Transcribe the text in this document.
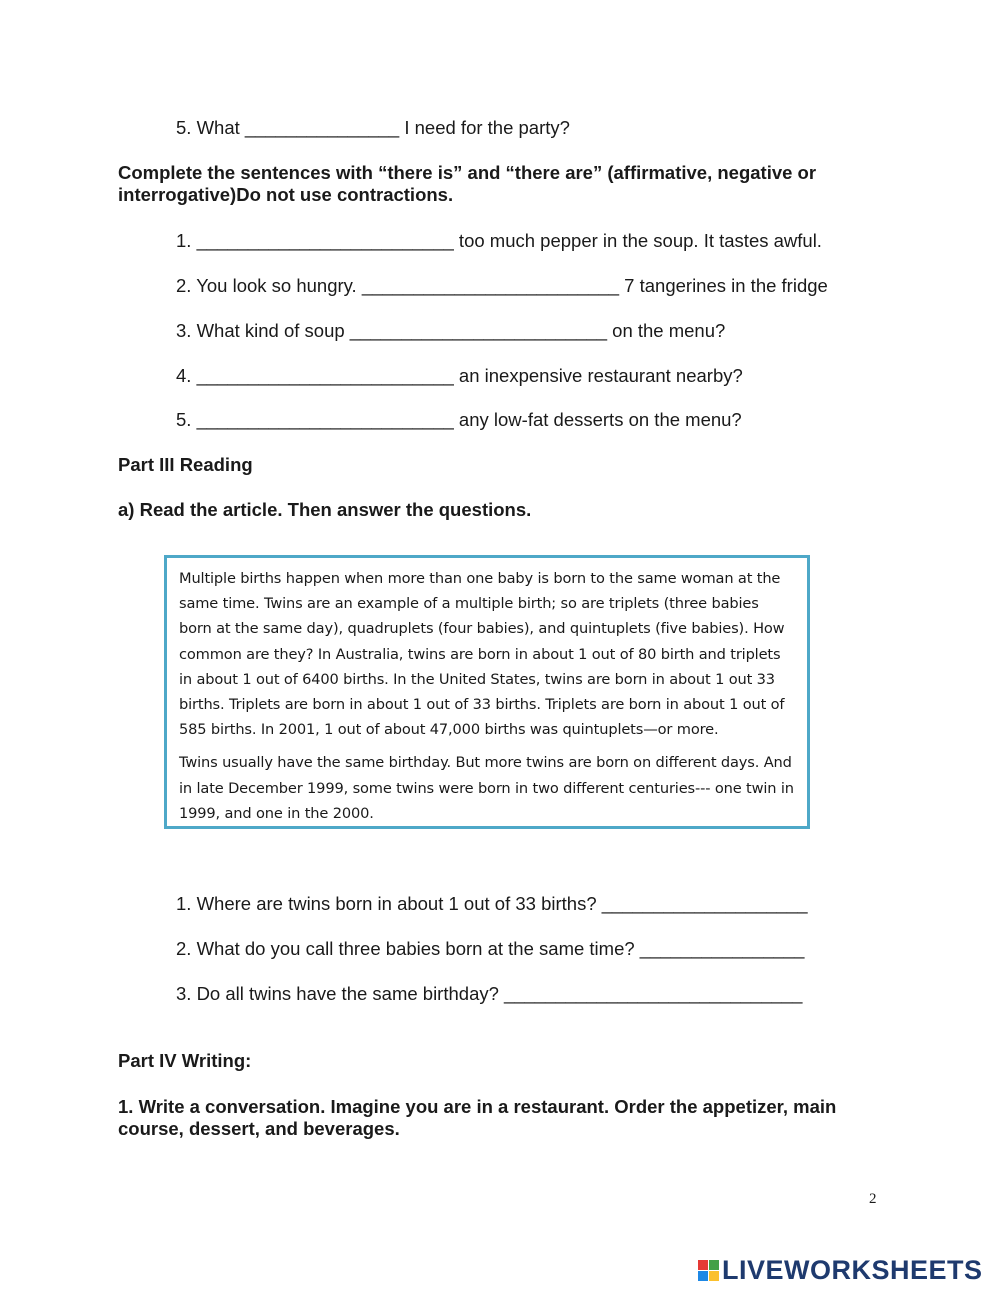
5. What _______________ I need for the party?
Complete the sentences with “there is” and “there are” (affirmative, negative or interrogative)Do not use contractions.
1. _________________________ too much pepper in the soup. It tastes awful.
2. You look so hungry. _________________________ 7 tangerines in the fridge
3. What kind of soup _________________________ on the menu?
4. _________________________ an inexpensive restaurant nearby?
5. _________________________ any low-fat desserts on the menu?
Part III Reading
a) Read the article. Then answer the questions.

Multiple births happen when more than one baby is born to the same woman at the same time. Twins are an example of a multiple birth; so are triplets (three babies born at the same day), quadruplets (four babies), and quintuplets (five babies). How common are they? In Australia, twins are born in about 1 out of 80 birth and triplets in about 1 out of 6400 births. In the United States, twins are born in about 1 out 33 births. Triplets are born in about 1 out of 33 births. Triplets are born in about 1 out of 585 births. In 2001, 1 out of about 47,000 births was quintuplets—or more.

Twins usually have the same birthday. But more twins are born on different days. And in late December 1999, some twins were born in two different centuries--- one twin in 1999, and one in the 2000.

1. Where are twins born in about 1 out of 33 births? ____________________
2. What do you call three babies born at the same time? ________________
3. Do all twins have the same birthday? _____________________________
Part IV Writing:
1. Write a conversation. Imagine you are in a restaurant. Order the appetizer, main course, dessert, and beverages.
2
LIVEWORKSHEETS
